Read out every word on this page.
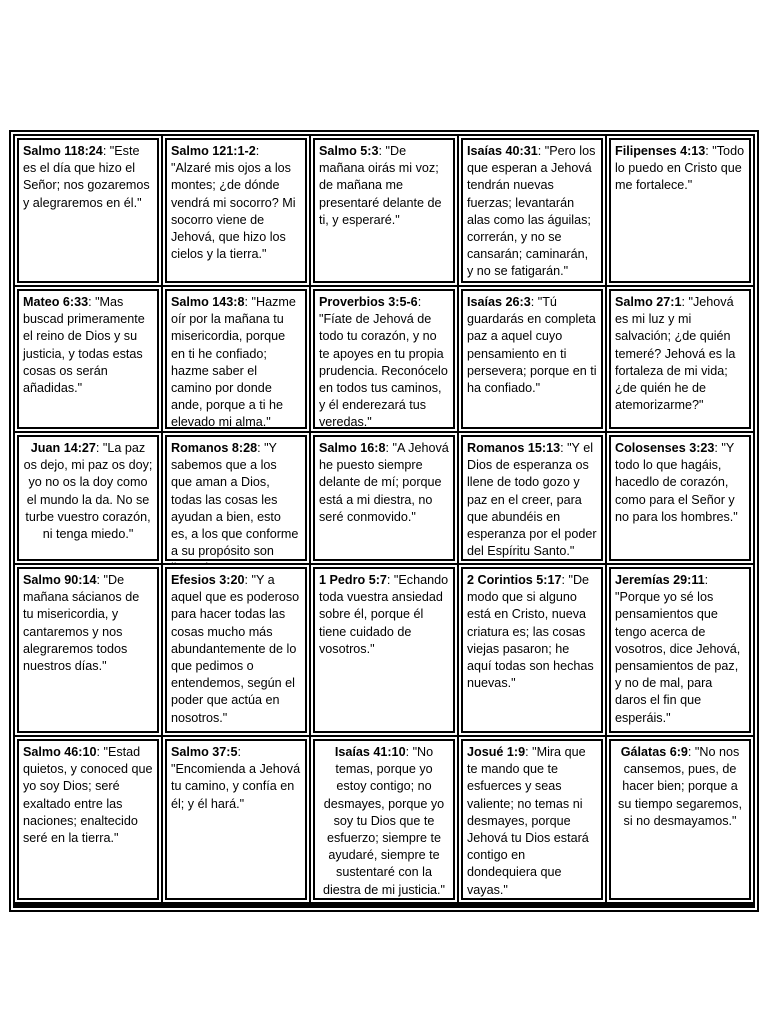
Salmo 118:24: "Este es el día que hizo el Señor; nos gozaremos y alegraremos en él."
Salmo 121:1-2: "Alzaré mis ojos a los montes; ¿de dónde vendrá mi socorro? Mi socorro viene de Jehová, que hizo los cielos y la tierra."
Salmo 5:3: "De mañana oirás mi voz; de mañana me presentaré delante de ti, y esperaré."
Isaías 40:31: "Pero los que esperan a Jehová tendrán nuevas fuerzas; levantarán alas como las águilas; correrán, y no se cansarán; caminarán, y no se fatigarán."
Filipenses 4:13: "Todo lo puedo en Cristo que me fortalece."
Mateo 6:33: "Mas buscad primeramente el reino de Dios y su justicia, y todas estas cosas os serán añadidas."
Salmo 143:8: "Hazme oír por la mañana tu misericordia, porque en ti he confiado; hazme saber el camino por donde ande, porque a ti he elevado mi alma."
Proverbios 3:5-6: "Fíate de Jehová de todo tu corazón, y no te apoyes en tu propia prudencia. Reconócelo en todos tus caminos, y él enderezará tus veredas."
Isaías 26:3: "Tú guardarás en completa paz a aquel cuyo pensamiento en ti persevera; porque en ti ha confiado."
Salmo 27:1: "Jehová es mi luz y mi salvación; ¿de quién temeré? Jehová es la fortaleza de mi vida; ¿de quién he de atemorizarme?"
Juan 14:27: "La paz os dejo, mi paz os doy; yo no os la doy como el mundo la da. No se turbe vuestro corazón, ni tenga miedo."
Romanos 8:28: "Y sabemos que a los que aman a Dios, todas las cosas les ayudan a bien, esto es, a los que conforme a su propósito son
Salmo 16:8: "A Jehová he puesto siempre delante de mí; porque está a mi diestra, no seré conmovido."
Romanos 15:13: "Y el Dios de esperanza os llene de todo gozo y paz en el creer, para que abundéis en esperanza por el poder del Espíritu Santo."
Colosenses 3:23: "Y todo lo que hagáis, hacedlo de corazón, como para el Señor y no para los hombres."
Salmo 90:14: "De mañana sácianos de tu misericordia, y cantaremos y nos alegraremos todos nuestros días."
Efesios 3:20: "Y a aquel que es poderoso para hacer todas las cosas mucho más abundantemente de lo que pedimos o entendemos, según el poder que actúa en nosotros."
1 Pedro 5:7: "Echando toda vuestra ansiedad sobre él, porque él tiene cuidado de vosotros."
2 Corintios 5:17: "De modo que si alguno está en Cristo, nueva criatura es; las cosas viejas pasaron; he aquí todas son hechas nuevas."
Jeremías 29:11: "Porque yo sé los pensamientos que tengo acerca de vosotros, dice Jehová, pensamientos de paz, y no de mal, para daros el fin que esperáis."
Salmo 46:10: "Estad quietos, y conoced que yo soy Dios; seré exaltado entre las naciones; enaltecido seré en la tierra."
Salmo 37:5: "Encomienda a Jehová tu camino, y confía en él; y él hará."
Isaías 41:10: "No temas, porque yo estoy contigo; no desmayes, porque yo soy tu Dios que te esfuerzo; siempre te ayudaré, siempre te sustentaré con la diestra de mi justicia."
Josué 1:9: "Mira que te mando que te esfuerces y seas valiente; no temas ni desmayes, porque Jehová tu Dios estará contigo en dondequiera que vayas."
Gálatas 6:9: "No nos cansemos, pues, de hacer bien; porque a su tiempo segaremos, si no desmayamos."
